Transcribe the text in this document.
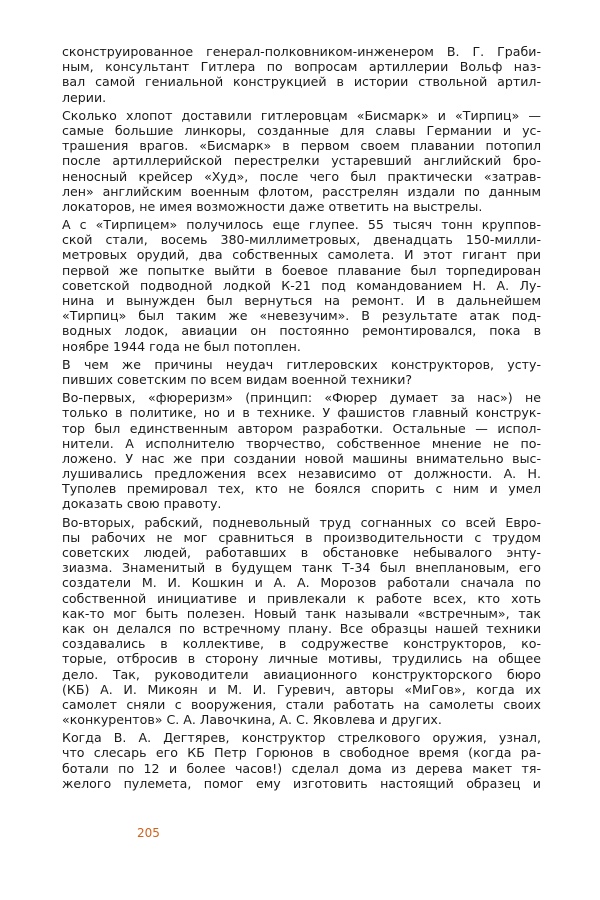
сконструированное генерал-полковником-инженером В. Г. Граби-
ным, консультант Гитлера по вопросам артиллерии Вольф наз-
вал самой гениальной конструкцией в истории ствольной артил-
лерии.
Сколько хлопот доставили гитлеровцам «Бисмарк» и «Тирпиц» —
самые большие линкоры, созданные для славы Германии и ус-
трашения врагов. «Бисмарк» в первом своем плавании потопил
после артиллерийской перестрелки устаревший английский бро-
неносный крейсер «Худ», после чего был практически «затрав-
лен» английским военным флотом, расстрелян издали по данным
локаторов, не имея возможности даже ответить на выстрелы.
А с «Тирпицем» получилось еще глупее. 55 тысяч тонн круппов-
ской стали, восемь 380-миллиметровых, двенадцать 150-милли-
метровых орудий, два собственных самолета. И этот гигант при
первой же попытке выйти в боевое плавание был торпедирован
советской подводной лодкой К-21 под командованием Н. А. Лу-
нина и вынужден был вернуться на ремонт. И в дальнейшем
«Тирпиц» был таким же «невезучим». В результате атак под-
водных лодок, авиации он постоянно ремонтировался, пока в
ноябре 1944 года не был потоплен.
В чем же причины неудач гитлеровских конструкторов, усту-
пивших советским по всем видам военной техники?
Во-первых, «фюреризм» (принцип: «Фюрер думает за нас») не
только в политике, но и в технике. У фашистов главный конструк-
тор был единственным автором разработки. Остальные — испол-
нители. А исполнителю творчество, собственное мнение не по-
ложено. У нас же при создании новой машины внимательно выс-
лушивались предложения всех независимо от должности. А. Н.
Туполев премировал тех, кто не боялся спорить с ним и умел
доказать свою правоту.
Во-вторых, рабский, подневольный труд согнанных со всей Евро-
пы рабочих не мог сравниться в производительности с трудом
советских людей, работавших в обстановке небывалого энту-
зиазма. Знаменитый в будущем танк Т-34 был внеплановым, его
создатели М. И. Кошкин и А. А. Морозов работали сначала по
собственной инициативе и привлекали к работе всех, кто хоть
как-то мог быть полезен. Новый танк называли «встречным», так
как он делался по встречному плану. Все образцы нашей техники
создавались в коллективе, в содружестве конструкторов, ко-
торые, отбросив в сторону личные мотивы, трудились на общее
дело. Так, руководители авиационного конструкторского бюро
(КБ) А. И. Микоян и М. И. Гуревич, авторы «МиГов», когда их
самолет сняли с вооружения, стали работать на самолеты своих
«конкурентов» С. А. Лавочкина, А. С. Яковлева и других.
Когда В. А. Дегтярев, конструктор стрелкового оружия, узнал,
что слесарь его КБ Петр Горюнов в свободное время (когда ра-
ботали по 12 и более часов!) сделал дома из дерева макет тя-
желого пулемета, помог ему изготовить настоящий образец и
205
